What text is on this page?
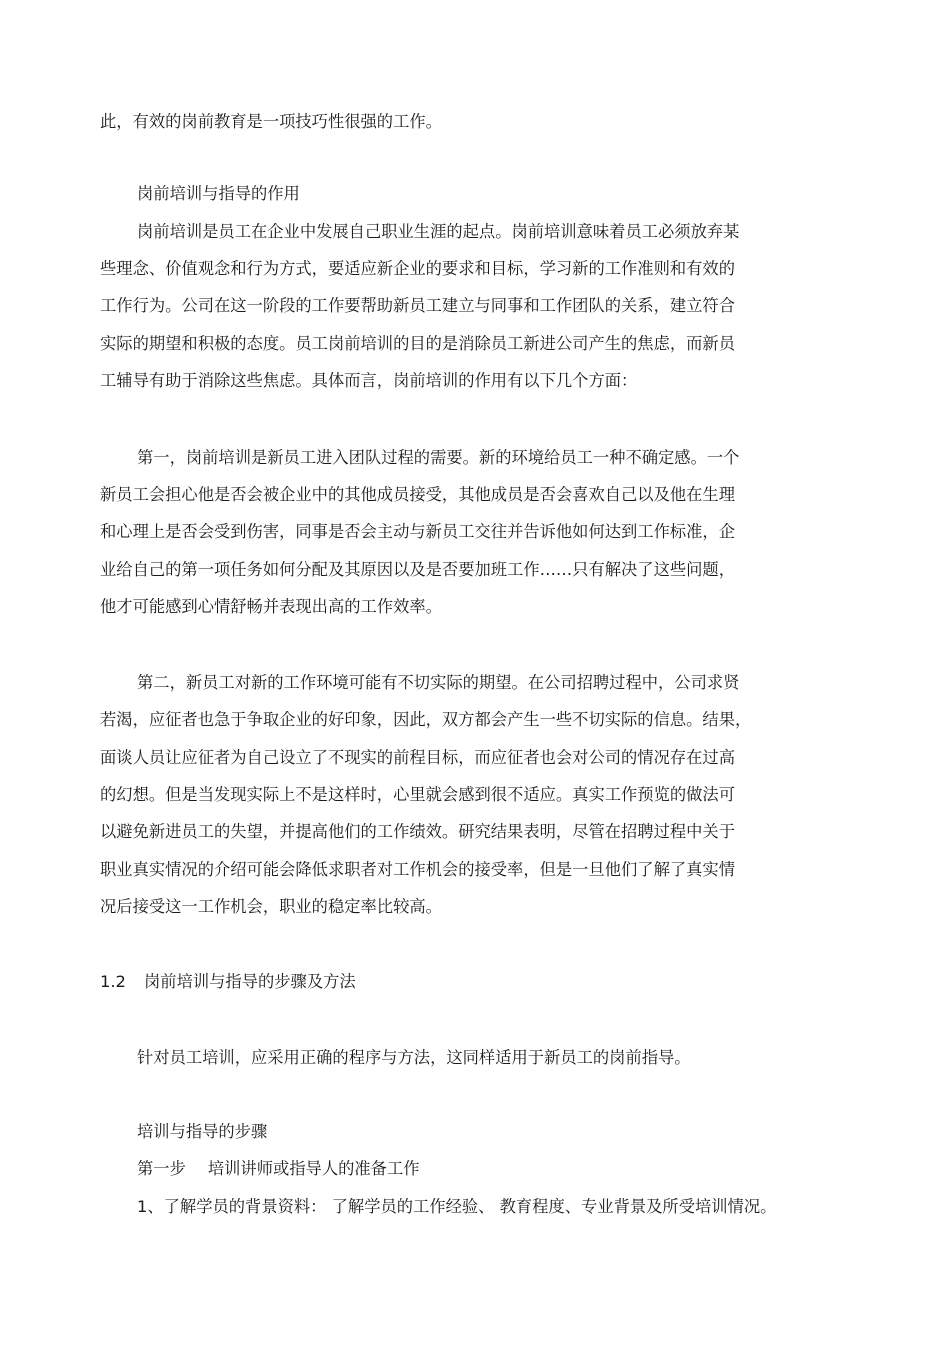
此，有效的岗前教育是一项技巧性很强的工作。

岗前培训与指导的作用

岗前培训是员工在企业中发展自己职业生涯的起点。岗前培训意味着员工必须放弃某

些理念、价值观念和行为方式，要适应新企业的要求和目标，学习新的工作准则和有效的

工作行为。公司在这一阶段的工作要帮助新员工建立与同事和工作团队的关系，建立符合

实际的期望和积极的态度。员工岗前培训的目的是消除员工新进公司产生的焦虑，而新员

工辅导有助于消除这些焦虑。具体而言，岗前培训的作用有以下几个方面：

第一，岗前培训是新员工进入团队过程的需要。新的环境给员工一种不确定感。一个

新员工会担心他是否会被企业中的其他成员接受，其他成员是否会喜欢自己以及他在生理

和心理上是否会受到伤害，同事是否会主动与新员工交往并告诉他如何达到工作标准，企

业给自己的第一项任务如何分配及其原因以及是否要加班工作……只有解决了这些问题，

他才可能感到心情舒畅并表现出高的工作效率。

第二，新员工对新的工作环境可能有不切实际的期望。在公司招聘过程中，公司求贤

若渴，应征者也急于争取企业的好印象，因此，双方都会产生一些不切实际的信息。结果，

面谈人员让应征者为自己设立了不现实的前程目标，而应征者也会对公司的情况存在过高

的幻想。但是当发现实际上不是这样时，心里就会感到很不适应。真实工作预览的做法可

以避免新进员工的失望，并提高他们的工作绩效。研究结果表明，尽管在招聘过程中关于

职业真实情况的介绍可能会降低求职者对工作机会的接受率，但是一旦他们了解了真实情

况后接受这一工作机会，职业的稳定率比较高。

1.2 岗前培训与指导的步骤及方法

针对员工培训，应采用正确的程序与方法，这同样适用于新员工的岗前指导。

培训与指导的步骤

第一步 培训讲师或指导人的准备工作

1、了解学员的背景资料： 了解学员的工作经验、 教育程度、专业背景及所受培训情况。
